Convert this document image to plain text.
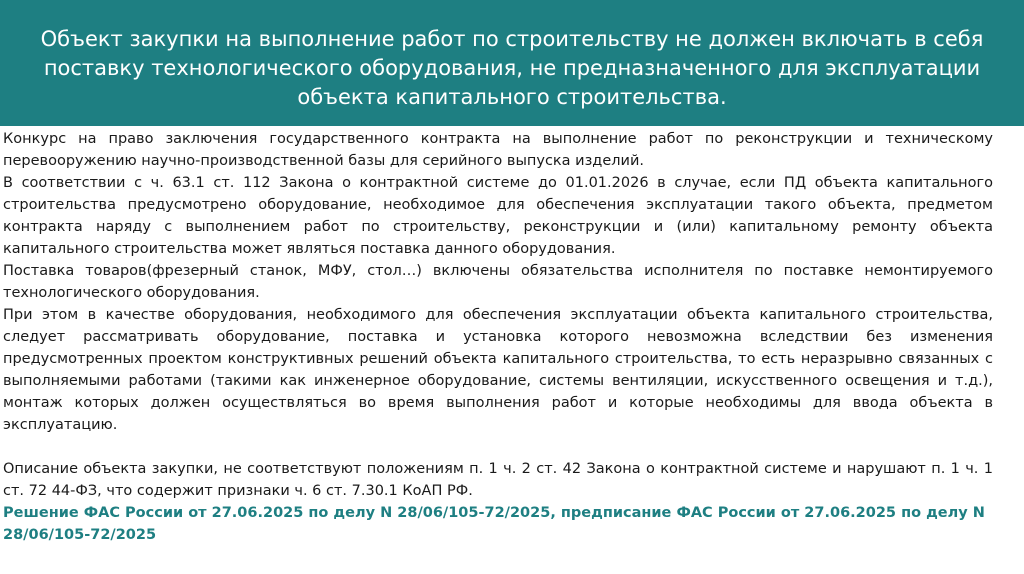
Объект закупки на выполнение работ по строительству не должен включать в себя поставку технологического оборудования, не предназначенного для эксплуатации объекта капитального строительства.

Конкурс на право заключения государственного контракта на выполнение работ по реконструкции и техническому перевооружению научно-производственной базы для серийного выпуска изделий.

В соответствии с ч. 63.1 ст. 112 Закона о контрактной системе до 01.01.2026 в случае, если ПД объекта капитального строительства предусмотрено оборудование, необходимое для обеспечения эксплуатации такого объекта, предметом контракта наряду с выполнением работ по строительству, реконструкции и (или) капитальному ремонту объекта капитального строительства может являться поставка данного оборудования.

Поставка товаров(фрезерный станок, МФУ, стол…) включены обязательства исполнителя по поставке немонтируемого технологического оборудования.

При этом в качестве оборудования, необходимого для обеспечения эксплуатации объекта капитального строительства, следует рассматривать оборудование, поставка и установка которого невозможна вследствии без изменения предусмотренных проектом конструктивных решений объекта капитального строительства, то есть неразрывно связанных с выполняемыми работами (такими как инженерное оборудование, системы вентиляции, искусственного освещения и т.д.), монтаж которых должен осуществляться во время выполнения работ и которые необходимы для ввода объекта в эксплуатацию.

Описание объекта закупки, не соответствуют положениям п. 1 ч. 2 ст. 42 Закона о контрактной системе и нарушают п. 1 ч. 1 ст. 72 44-ФЗ, что содержит признаки ч. 6 ст. 7.30.1 КоАП РФ.

Решение ФАС России от 27.06.2025 по делу N 28/06/105-72/2025, предписание ФАС России от 27.06.2025 по делу N 28/06/105-72/2025
